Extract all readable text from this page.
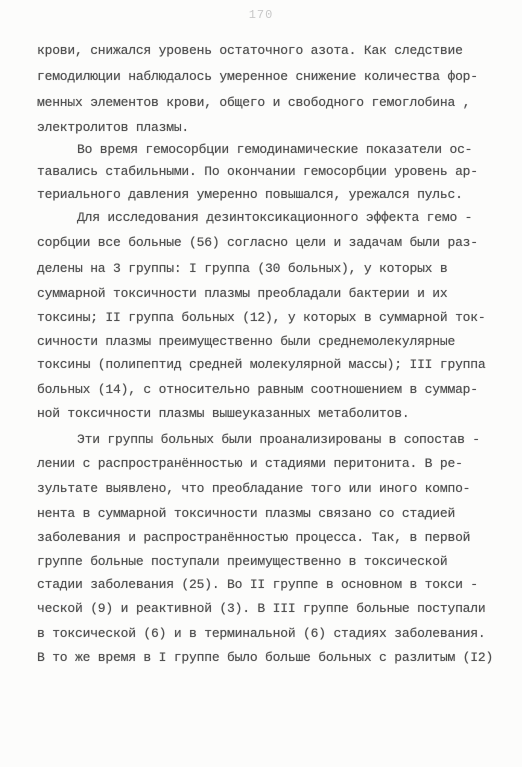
170
крови, снижался уровень остаточного азота. Как следствие
гемодилюции наблюдалось умеренное снижение количества фор-
менных элементов крови, общего и свободного гемоглобина ,
электролитов плазмы.
Во время гемосорбции гемодинамические показатели ос-
тавались стабильными. По окончании гемосорбции уровень ар-
териального давления умеренно повышался, урежался пульс.
Для исследования дезинтоксикационного эффекта гемо -
сорбции все больные (56) согласно цели и задачам были раз-
делены на 3 группы: I группа (30 больных), у которых в
суммарной токсичности плазмы преобладали бактерии и их
токсины; II группа больных (12), у которых в суммарной ток-
сичности плазмы преимущественно были среднемолекулярные
токсины (полипептид средней молекулярной массы); III группа
больных (14), с относительно равным соотношением в суммар-
ной токсичности плазмы вышеуказанных метаболитов.
Эти группы больных были проанализированы в сопостав -
лении с распространённостью и стадиями перитонита. В ре-
зультате выявлено, что преобладание того или иного компо-
нента в суммарной токсичности плазмы связано со стадией
заболевания и распространённостью процесса. Так, в первой
группе больные поступали преимущественно в токсической
стадии заболевания (25). Во II группе в основном в токси -
ческой (9) и реактивной (3). В III группе больные поступали
в токсической (6) и в терминальной (6) стадиях заболевания.
В то же время в I группе было больше больных с разлитым (I2)
